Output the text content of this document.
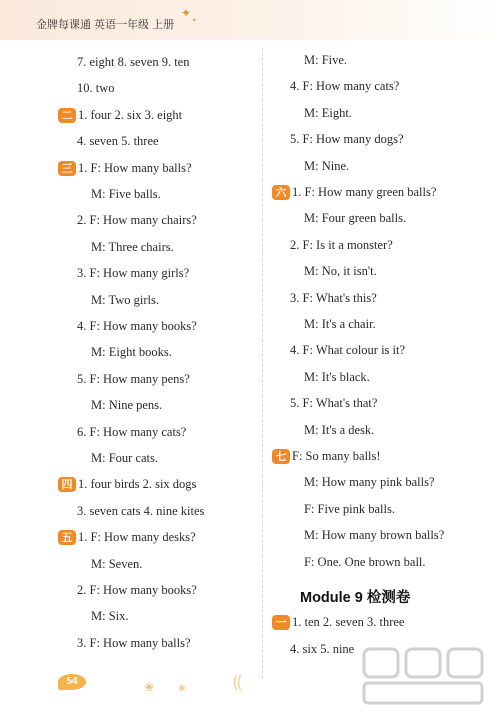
金牌每课通 英语一年级 上册
✦
•
7. eight 8. seven 9. ten
10. two
二 1. four 2. six 3. eight
4. seven 5. three
三 1. F: How many balls?
M: Five balls.
2. F: How many chairs?
M: Three chairs.
3. F: How many girls?
M: Two girls.
4. F: How many books?
M: Eight books.
5. F: How many pens?
M: Nine pens.
6. F: How many cats?
M: Four cats.
四 1. four birds 2. six dogs
3. seven cats 4. nine kites
五 1. F: How many desks?
M: Seven.
2. F: How many books?
M: Six.
3. F: How many balls?
M: Five.
4. F: How many cats?
M: Eight.
5. F: How many dogs?
M: Nine.
六 1. F: How many green balls?
M: Four green balls.
2. F: Is it a monster?
M: No, it isn't.
3. F: What's this?
M: It's a chair.
4. F: What colour is it?
M: It's black.
5. F: What's that?
M: It's a desk.
七 F: So many balls!
M: How many pink balls?
F: Five pink balls.
M: How many brown balls?
F: One. One brown ball.
Module 9 检测卷
一 1. ten 2. seven 3. three
4. six 5. nine
54	❀	❀	((
